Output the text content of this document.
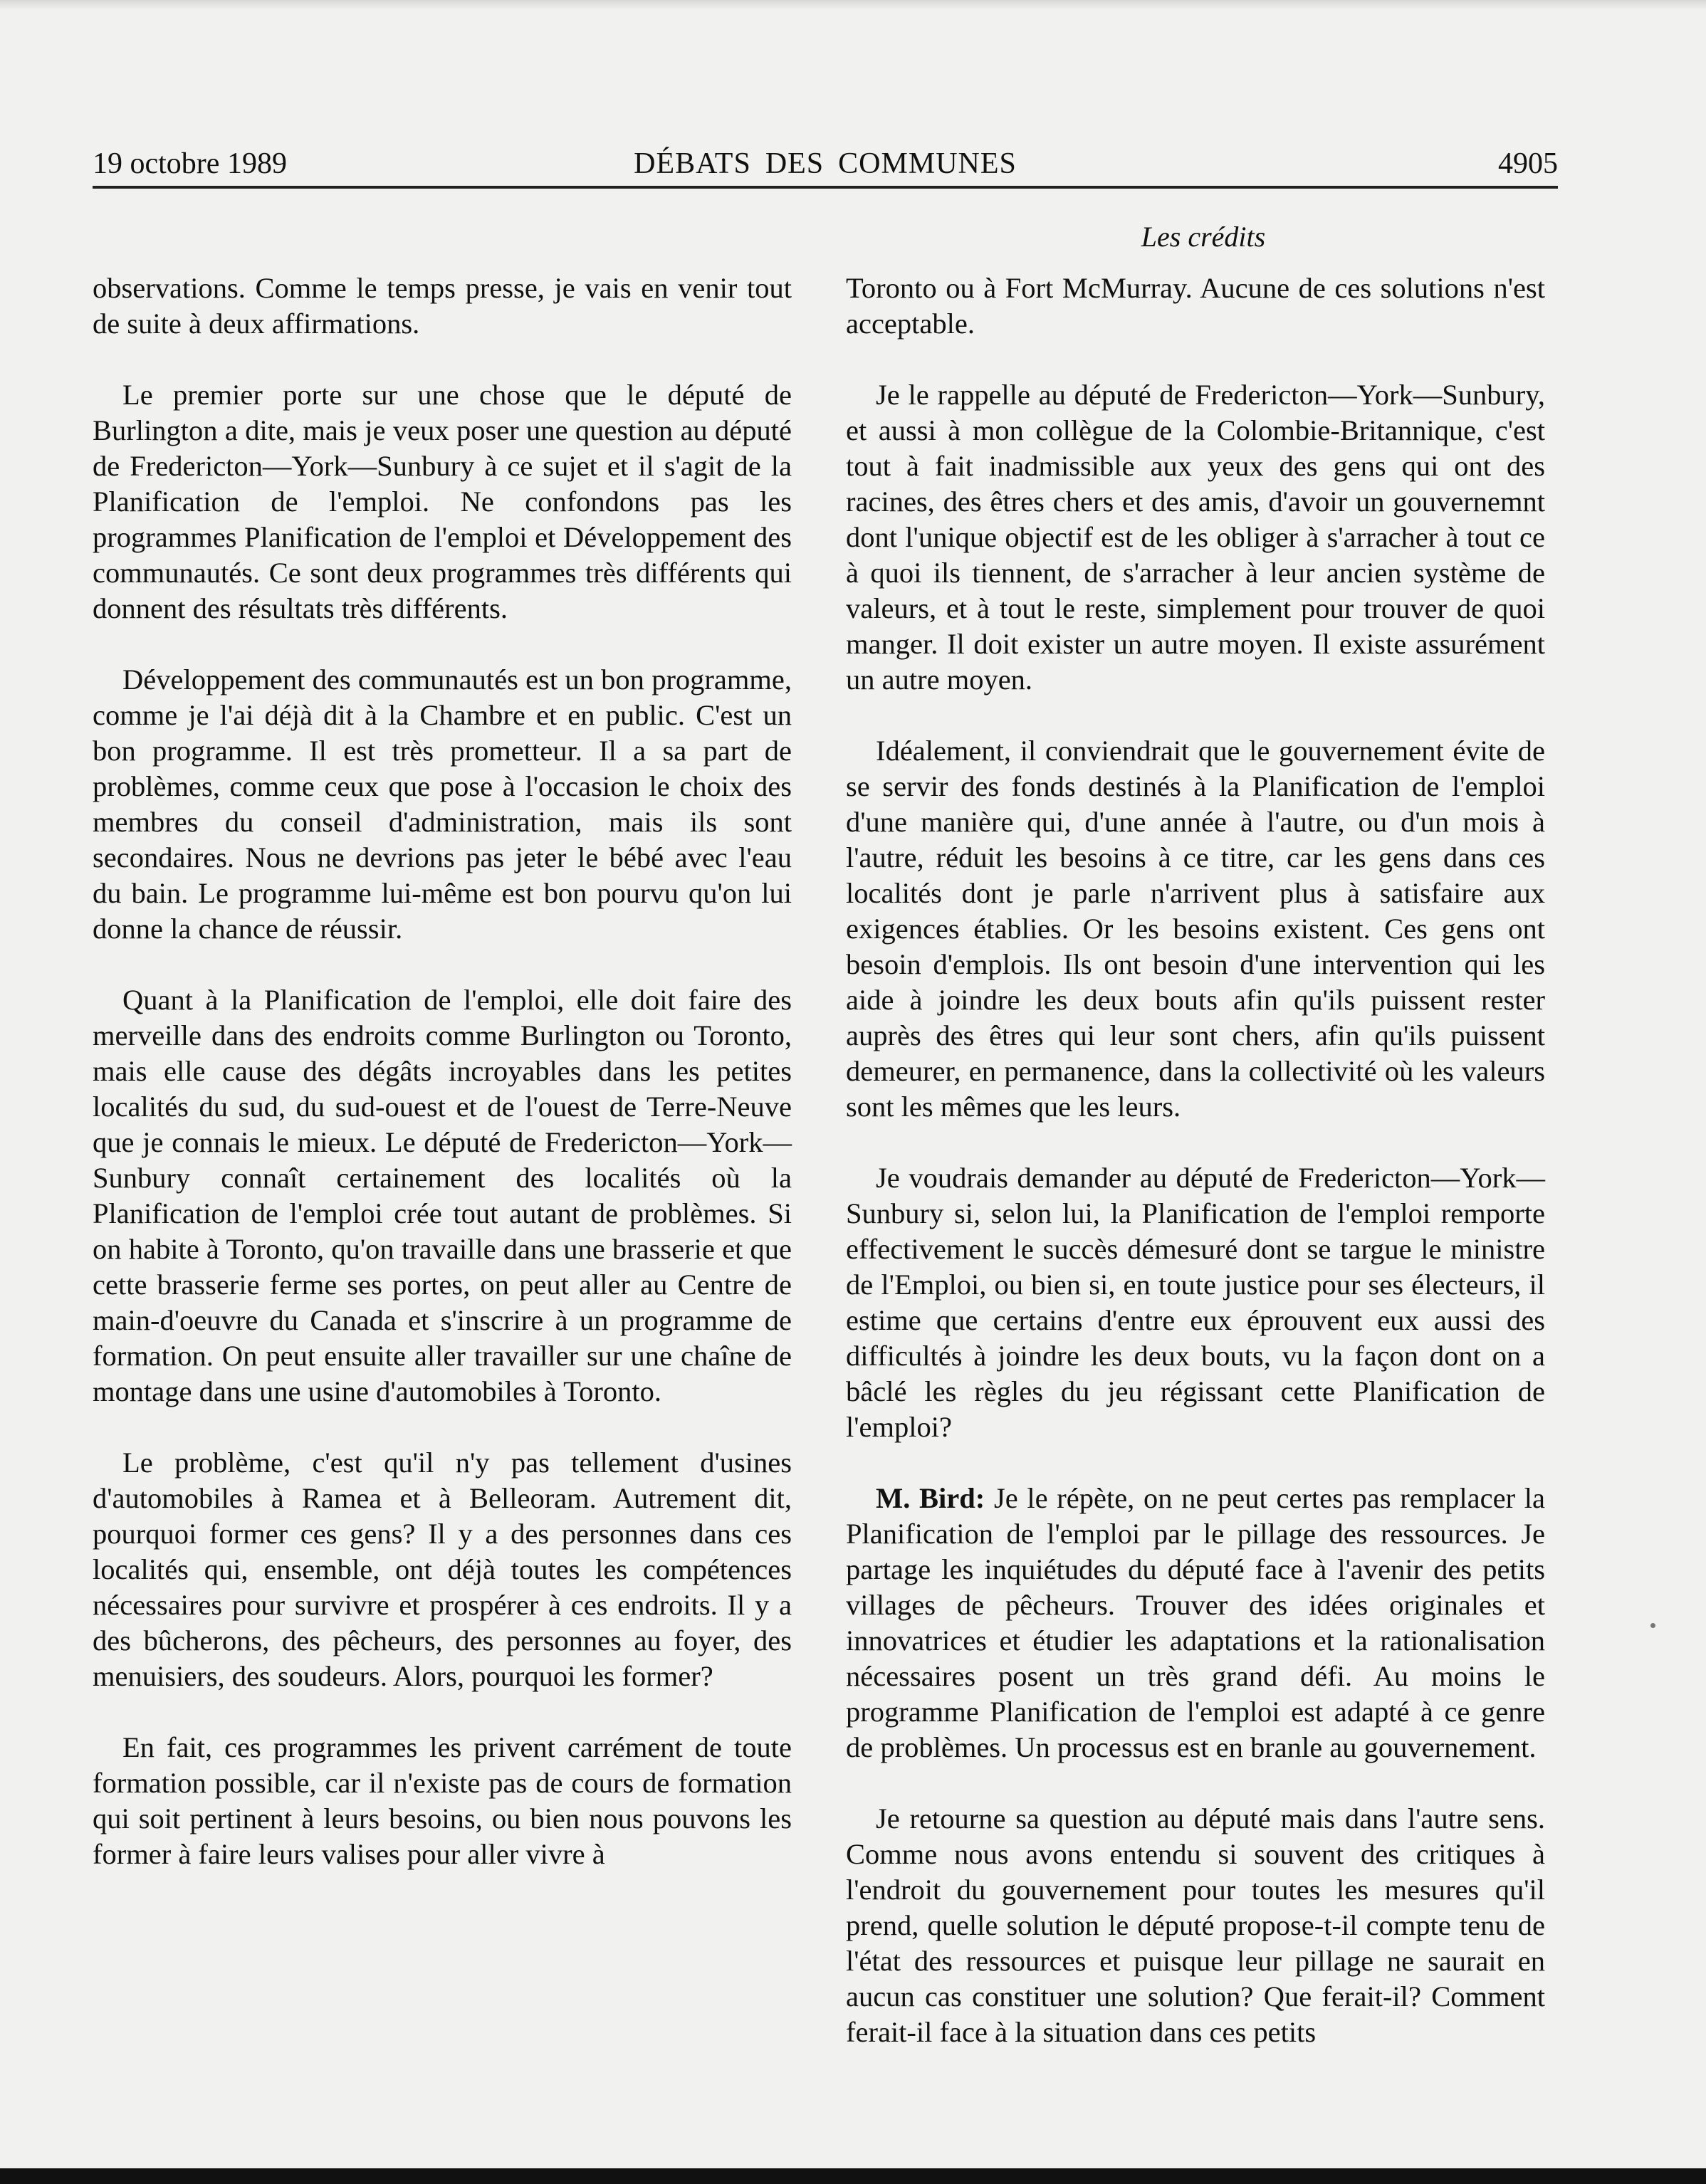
19 octobre 1989	DÉBATS DES COMMUNES	4905
Les crédits

observations. Comme le temps presse, je vais en venir tout de suite à deux affirmations.

Le premier porte sur une chose que le député de Burlington a dite, mais je veux poser une question au député de Fredericton—York—Sunbury à ce sujet et il s'agit de la Planification de l'emploi. Ne confondons pas les programmes Planification de l'emploi et Développement des communautés. Ce sont deux programmes très différents qui donnent des résultats très différents.

Développement des communautés est un bon programme, comme je l'ai déjà dit à la Chambre et en public. C'est un bon programme. Il est très prometteur. Il a sa part de problèmes, comme ceux que pose à l'occasion le choix des membres du conseil d'administration, mais ils sont secondaires. Nous ne devrions pas jeter le bébé avec l'eau du bain. Le programme lui-même est bon pourvu qu'on lui donne la chance de réussir.

Quant à la Planification de l'emploi, elle doit faire des merveille dans des endroits comme Burlington ou Toronto, mais elle cause des dégâts incroyables dans les petites localités du sud, du sud-ouest et de l'ouest de Terre-Neuve que je connais le mieux. Le député de Fredericton—York—Sunbury connaît certainement des localités où la Planification de l'emploi crée tout autant de problèmes. Si on habite à Toronto, qu'on travaille dans une brasserie et que cette brasserie ferme ses portes, on peut aller au Centre de main-d'oeuvre du Canada et s'inscrire à un programme de formation. On peut ensuite aller travailler sur une chaîne de montage dans une usine d'automobiles à Toronto.

Le problème, c'est qu'il n'y pas tellement d'usines d'automobiles à Ramea et à Belleoram. Autrement dit, pourquoi former ces gens? Il y a des personnes dans ces localités qui, ensemble, ont déjà toutes les compétences nécessaires pour survivre et prospérer à ces endroits. Il y a des bûcherons, des pêcheurs, des personnes au foyer, des menuisiers, des soudeurs. Alors, pourquoi les former?

En fait, ces programmes les privent carrément de toute formation possible, car il n'existe pas de cours de formation qui soit pertinent à leurs besoins, ou bien nous pouvons les former à faire leurs valises pour aller vivre à

Toronto ou à Fort McMurray. Aucune de ces solutions n'est acceptable.

Je le rappelle au député de Fredericton—York—Sunbury, et aussi à mon collègue de la Colombie-Britannique, c'est tout à fait inadmissible aux yeux des gens qui ont des racines, des êtres chers et des amis, d'avoir un gouvernemnt dont l'unique objectif est de les obliger à s'arracher à tout ce à quoi ils tiennent, de s'arracher à leur ancien système de valeurs, et à tout le reste, simplement pour trouver de quoi manger. Il doit exister un autre moyen. Il existe assurément un autre moyen.

Idéalement, il conviendrait que le gouvernement évite de se servir des fonds destinés à la Planification de l'emploi d'une manière qui, d'une année à l'autre, ou d'un mois à l'autre, réduit les besoins à ce titre, car les gens dans ces localités dont je parle n'arrivent plus à satisfaire aux exigences établies. Or les besoins existent. Ces gens ont besoin d'emplois. Ils ont besoin d'une intervention qui les aide à joindre les deux bouts afin qu'ils puissent rester auprès des êtres qui leur sont chers, afin qu'ils puissent demeurer, en permanence, dans la collectivité où les valeurs sont les mêmes que les leurs.

Je voudrais demander au député de Fredericton—York—Sunbury si, selon lui, la Planification de l'emploi remporte effectivement le succès démesuré dont se targue le ministre de l'Emploi, ou bien si, en toute justice pour ses électeurs, il estime que certains d'entre eux éprouvent eux aussi des difficultés à joindre les deux bouts, vu la façon dont on a bâclé les règles du jeu régissant cette Planification de l'emploi?

M. Bird: Je le répète, on ne peut certes pas remplacer la Planification de l'emploi par le pillage des ressources. Je partage les inquiétudes du député face à l'avenir des petits villages de pêcheurs. Trouver des idées originales et innovatrices et étudier les adaptations et la rationalisation nécessaires posent un très grand défi. Au moins le programme Planification de l'emploi est adapté à ce genre de problèmes. Un processus est en branle au gouvernement.

Je retourne sa question au député mais dans l'autre sens. Comme nous avons entendu si souvent des critiques à l'endroit du gouvernement pour toutes les mesures qu'il prend, quelle solution le député propose-t-il compte tenu de l'état des ressources et puisque leur pillage ne saurait en aucun cas constituer une solution? Que ferait-il? Comment ferait-il face à la situation dans ces petits
